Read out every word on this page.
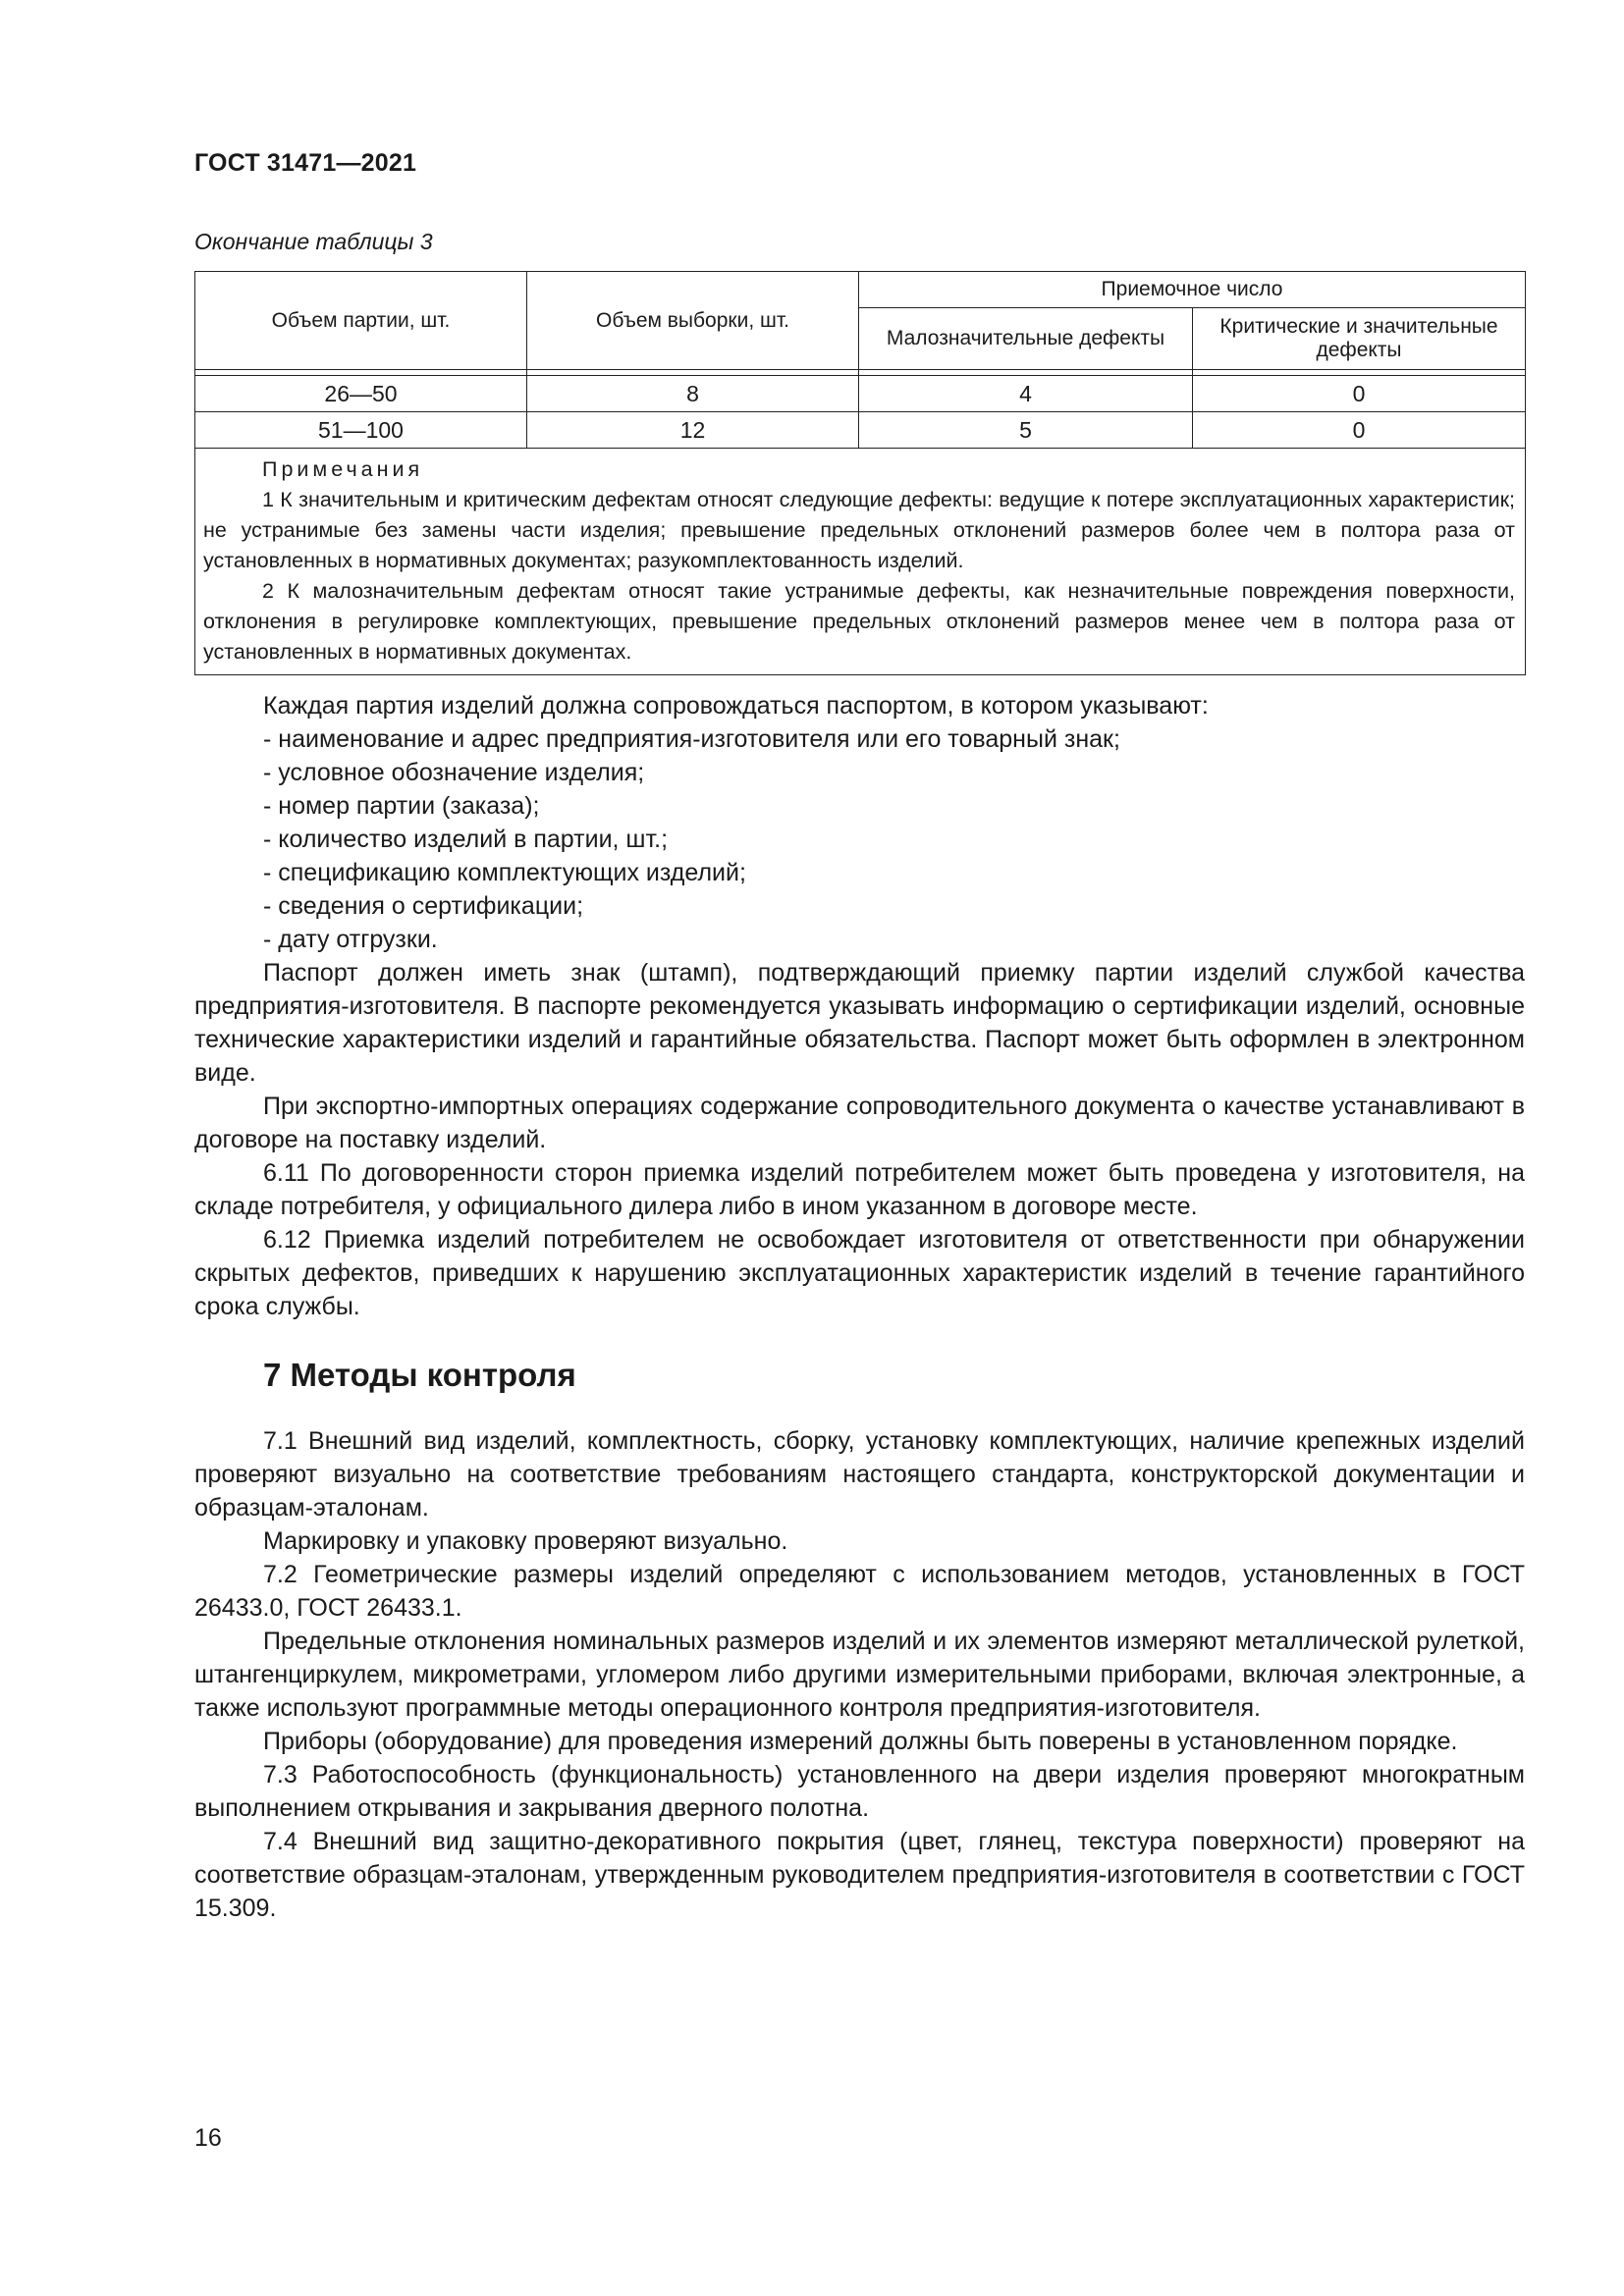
ГОСТ 31471—2021
Окончание таблицы 3
Объем партии, шт.	Объем выборки, шт.	Приемочное число	
		Малозначительные дефекты	Критические и значительные дефекты

26—50	8	4	0
51—100	12	5	0

Примечания
1 К значительным и критическим дефектам относят следующие дефекты: ведущие к потере эксплуатационных характеристик; не устранимые без замены части изделия; превышение предельных отклонений размеров более чем в полтора раза от установленных в нормативных документах; разукомплектованность изделий.
2 К малозначительным дефектам относят такие устранимые дефекты, как незначительные повреждения поверхности, отклонения в регулировке комплектующих, превышение предельных отклонений размеров менее чем в полтора раза от установленных в нормативных документах.			

Каждая партия изделий должна сопровождаться паспортом, в котором указывают:

- наименование и адрес предприятия-изготовителя или его товарный знак;

- условное обозначение изделия;

- номер партии (заказа);

- количество изделий в партии, шт.;

- спецификацию комплектующих изделий;

- сведения о сертификации;

- дату отгрузки.

Паспорт должен иметь знак (штамп), подтверждающий приемку партии изделий службой качества предприятия-изготовителя. В паспорте рекомендуется указывать информацию о сертификации изделий, основные технические характеристики изделий и гарантийные обязательства. Паспорт может быть оформлен в электронном виде.

При экспортно-импортных операциях содержание сопроводительного документа о качестве устанавливают в договоре на поставку изделий.

6.11 По договоренности сторон приемка изделий потребителем может быть проведена у изготовителя, на складе потребителя, у официального дилера либо в ином указанном в договоре месте.

6.12 Приемка изделий потребителем не освобождает изготовителя от ответственности при обнаружении скрытых дефектов, приведших к нарушению эксплуатационных характеристик изделий в течение гарантийного срока службы.

7 Методы контроля

7.1 Внешний вид изделий, комплектность, сборку, установку комплектующих, наличие крепежных изделий проверяют визуально на соответствие требованиям настоящего стандарта, конструкторской документации и образцам-эталонам.

Маркировку и упаковку проверяют визуально.

7.2 Геометрические размеры изделий определяют с использованием методов, установленных в ГОСТ 26433.0, ГОСТ 26433.1.

Предельные отклонения номинальных размеров изделий и их элементов измеряют металлической рулеткой, штангенциркулем, микрометрами, угломером либо другими измерительными приборами, включая электронные, а также используют программные методы операционного контроля предприятия-изготовителя.

Приборы (оборудование) для проведения измерений должны быть поверены в установленном порядке.

7.3 Работоспособность (функциональность) установленного на двери изделия проверяют многократным выполнением открывания и закрывания дверного полотна.

7.4 Внешний вид защитно-декоративного покрытия (цвет, глянец, текстура поверхности) проверяют на соответствие образцам-эталонам, утвержденным руководителем предприятия-изготовителя в соответствии с ГОСТ 15.309.

16
